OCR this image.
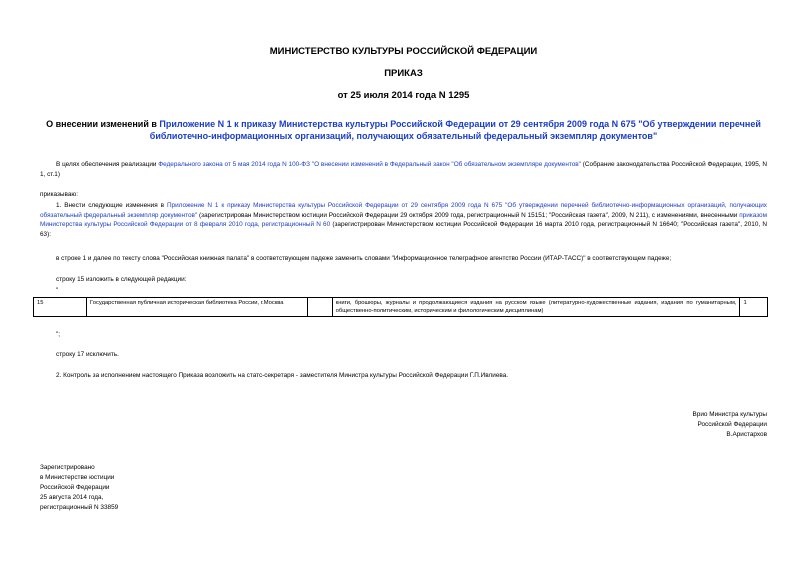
МИНИСТЕРСТВО КУЛЬТУРЫ РОССИЙСКОЙ ФЕДЕРАЦИИ
ПРИКАЗ
от 25 июля 2014 года N 1295
О внесении изменений в Приложение N 1 к приказу Министерства культуры Российской Федерации от 29 сентября 2009 года N 675 "Об утверждении перечней
библиотечно-информационных организаций, получающих обязательный федеральный экземпляр документов"
В целях обеспечения реализации Федерального закона от 5 мая 2014 года N 100-ФЗ "О внесении изменений в Федеральный закон "Об обязательном экземпляре документов" (Собрание законодательства Российской Федерации, 1995, N 1, ст.1)
приказываю:
1. Внести следующие изменения в Приложение N 1 к приказу Министерства культуры Российской Федерации от 29 сентября 2009 года N 675 "Об утверждении перечней библиотечно-информационных организаций, получающих обязательный федеральный экземпляр документов" (зарегистрирован Министерством юстиции Российской Федерации 29 октября 2009 года, регистрационный N 15151; "Российская газета", 2009, N 211), с изменениями, внесенными приказом Министерства культуры Российской Федерации от 8 февраля 2010 года, регистрационный N 60 (зарегистрирован Министерством юстиции Российской Федерации 16 марта 2010 года, регистрационный N 16640; "Российская газета", 2010, N 63):
в строке 1 и далее по тексту слова "Российская книжная палата" в соответствующем падеже заменить словами "Информационное телеграфное агентство России (ИТАР-ТАСС)" в соответствующем падеже;
строку 15 изложить в следующей редакции:
"
15	Государственная публичная историческая библиотека России, г.Москва		книги, брошюры, журналы и продолжающиеся издания на русском языке (литературно-художественные издания, издания по гуманитарным, общественно-политическим, историческим и филологическим дисциплинам)	1
";
строку 17 исключить.
2. Контроль за исполнением настоящего Приказа возложить на статс-секретаря - заместителя Министра культуры Российской Федерации Г.П.Ивлиева.
Врио Министра культуры
Российской Федерации
В.Аристархов
Зарегистрировано
в Министерстве юстиции
Российской Федерации
25 августа 2014 года,
регистрационный N 33859
